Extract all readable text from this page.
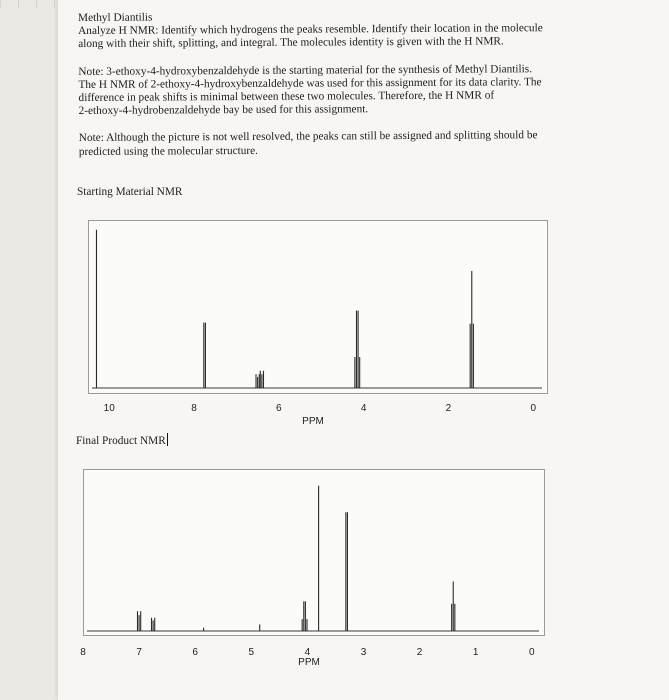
Methyl Diantilis

Analyze H NMR: Identify which hydrogens the peaks resemble. Identify their location in the molecule

along with their shift, splitting, and integral. The molecules identity is given with the H NMR.

Note: 3-ethoxy-4-hydroxybenzaldehyde is the starting material for the synthesis of Methyl Diantilis.

The H NMR of 2-ethoxy-4-hydroxybenzaldehyde was used for this assignment for its data clarity. The

difference in peak shifts is minimal between these two molecules. Therefore, the H NMR of

2-ethoxy-4-hydrobenzaldehyde bay be used for this assignment.

Note: Although the picture is not well resolved, the peaks can still be assigned and splitting should be

predicted using the molecular structure.

Starting Material NMR
10	8	6	4	2	0
PPM
Final Product NMR
8	7	6	5	4	3	2	1	0
PPM
